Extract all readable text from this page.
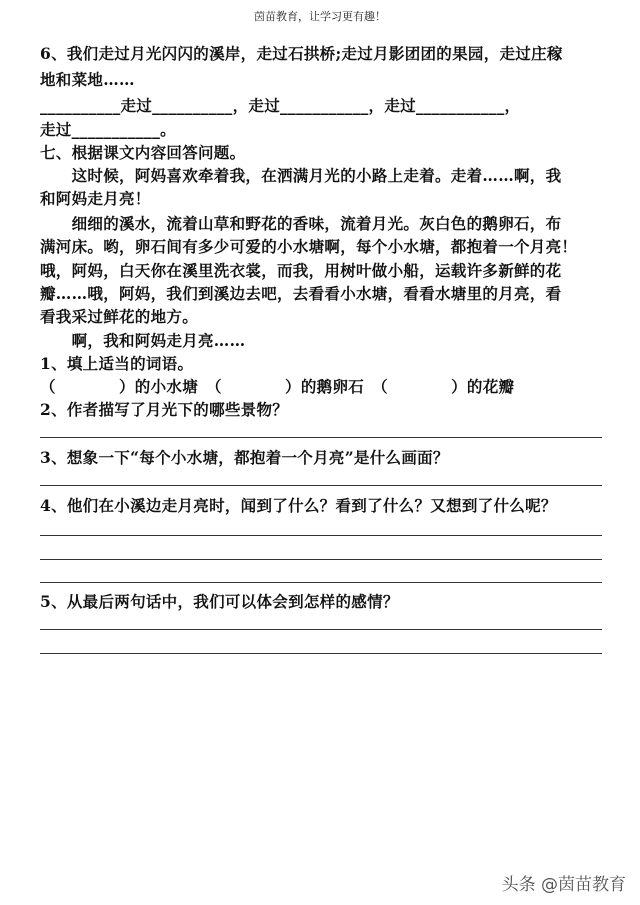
茵苗教育，让学习更有趣！
6、我们走过月光闪闪的溪岸，走过石拱桥;走过月影团团的果园，走过庄稼
地和菜地……
__________走过__________，走过___________，走过___________，
走过___________。
七、根据课文内容回答问题。
　　这时候，阿妈喜欢牵着我，在洒满月光的小路上走着。走着……啊，我
和阿妈走月亮！
　　细细的溪水，流着山草和野花的香味，流着月光。灰白色的鹅卵石，布
满河床。哟，卵石间有多少可爱的小水塘啊，每个小水塘，都抱着一个月亮！
哦，阿妈，白天你在溪里洗衣裳，而我，用树叶做小船，运载许多新鲜的花
瓣……哦，阿妈，我们到溪边去吧，去看看小水塘，看看水塘里的月亮，看
看我采过鲜花的地方。
　　啊，我和阿妈走月亮……
1、填上适当的词语。
（　　　　）的小水塘　（　　　　）的鹅卵石　（　　　　）的花瓣
2、作者描写了月光下的哪些景物？
3、想象一下“每个小水塘，都抱着一个月亮”是什么画面？
4、他们在小溪边走月亮时，闻到了什么？看到了什么？又想到了什么呢？
5、从最后两句话中，我们可以体会到怎样的感情？
头条 @茵苗教育
